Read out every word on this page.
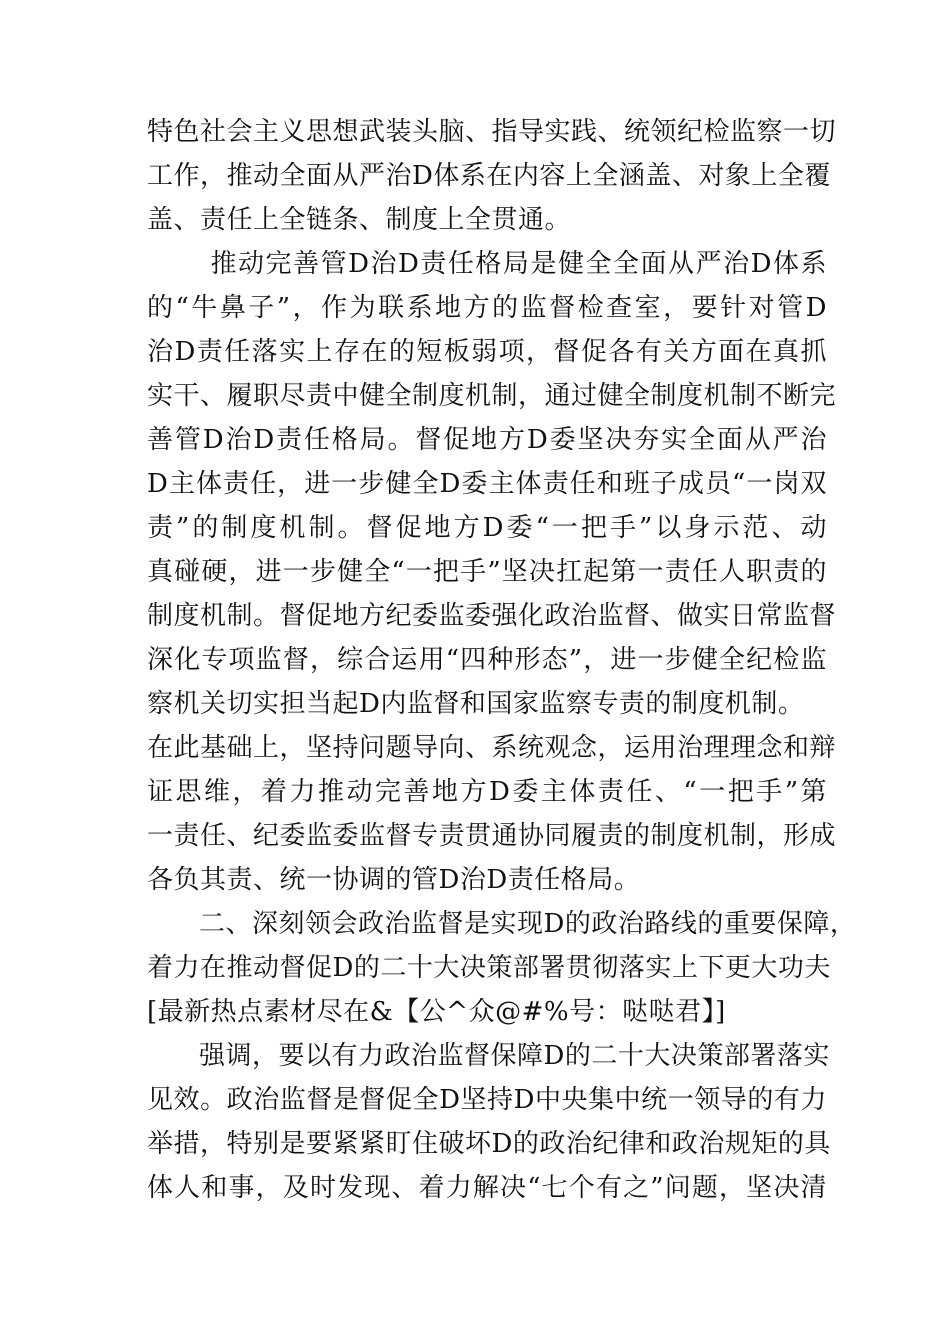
特色社会主义思想武装头脑、指导实践、统领纪检监察一切

工作，推动全面从严治D体系在内容上全涵盖、对象上全覆

盖、责任上全链条、制度上全贯通。

　推动完善管D治D责任格局是健全全面从严治D体系

的“牛鼻子”，作为联系地方的监督检查室，要针对管D

治D责任落实上存在的短板弱项，督促各有关方面在真抓

实干、履职尽责中健全制度机制，通过健全制度机制不断完

善管D治D责任格局。督促地方D委坚决夯实全面从严治

D主体责任，进一步健全D委主体责任和班子成员“一岗双

责”的制度机制。督促地方D委“一把手”以身示范、动

真碰硬，进一步健全“一把手”坚决扛起第一责任人职责的

制度机制。督促地方纪委监委强化政治监督、做实日常监督

深化专项监督，综合运用“四种形态”，进一步健全纪检监

察机关切实担当起D内监督和国家监察专责的制度机制。

在此基础上，坚持问题导向、系统观念，运用治理理念和辩

证思维，着力推动完善地方D委主体责任、“一把手”第

一责任、纪委监委监督专责贯通协同履责的制度机制，形成

各负其责、统一协调的管D治D责任格局。

二、深刻领会政治监督是实现D的政治路线的重要保障，

着力在推动督促D的二十大决策部署贯彻落实上下更大功夫

[最新热点素材尽在&【公^众@#%号：哒哒君】]

强调，要以有力政治监督保障D的二十大决策部署落实

见效。政治监督是督促全D坚持D中央集中统一领导的有力

举措，特别是要紧紧盯住破坏D的政治纪律和政治规矩的具

体人和事，及时发现、着力解决“七个有之”问题，坚决清
